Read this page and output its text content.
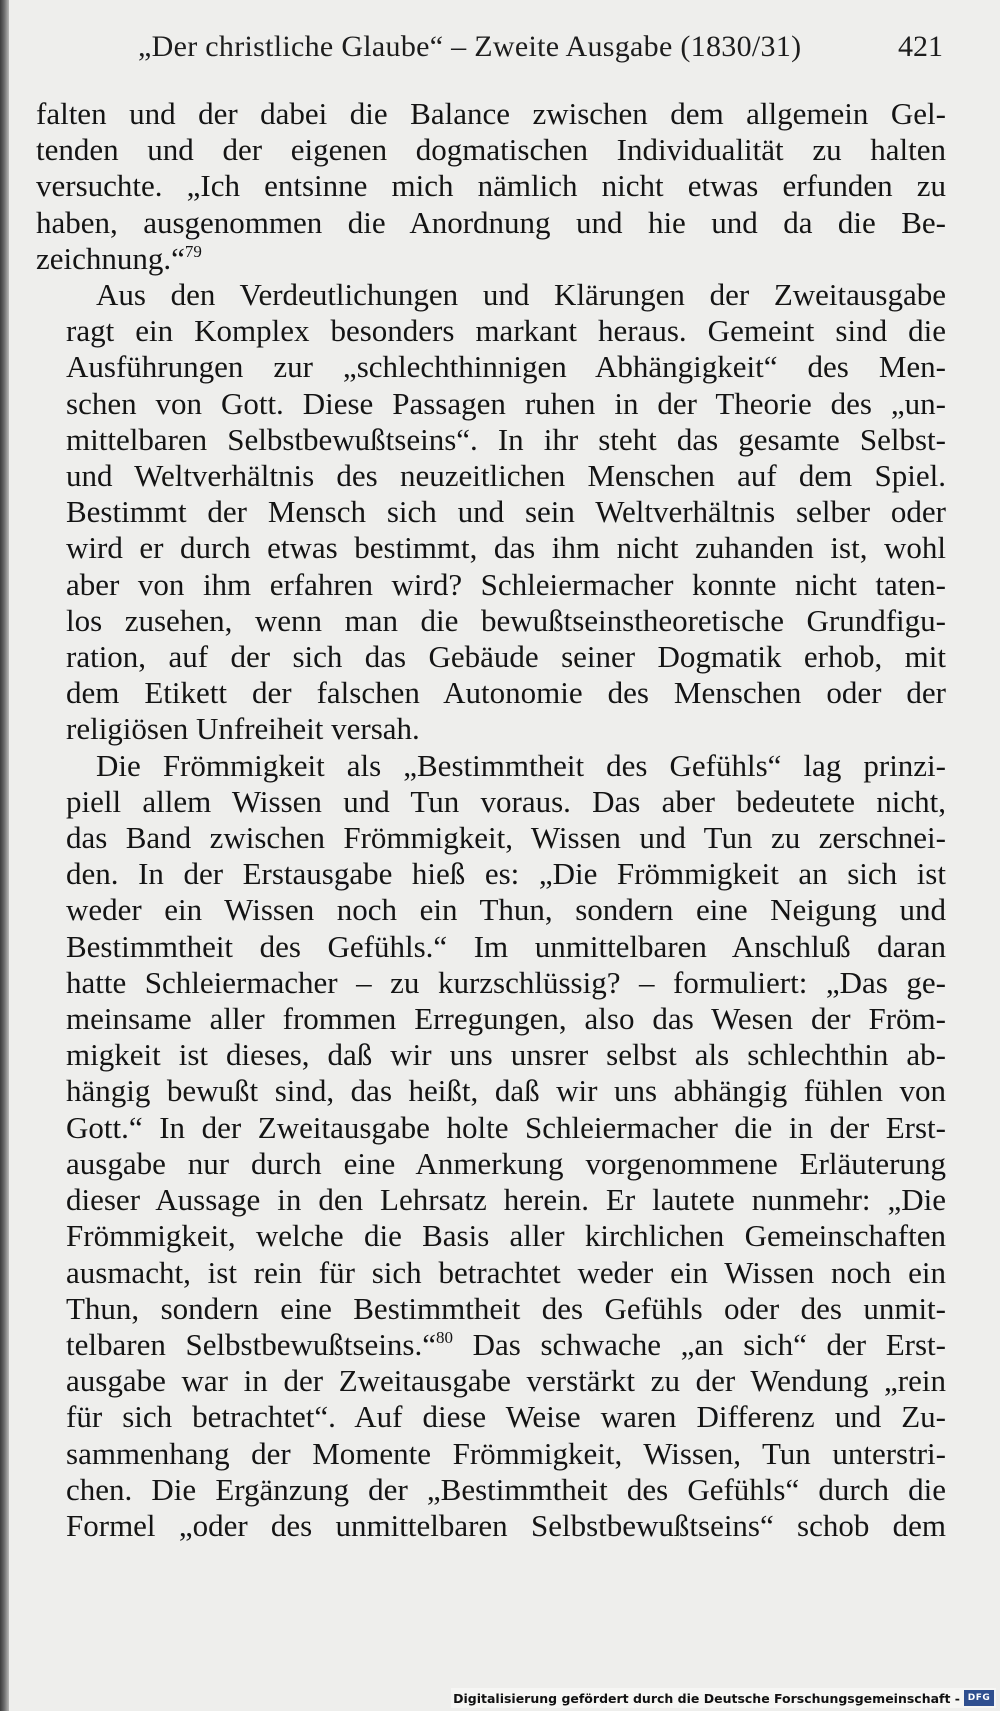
„Der christliche Glaube“ – Zweite Ausgabe (1830/31)	421
falten und der dabei die Balance zwischen dem allgemein Gel-
tenden und der eigenen dogmatischen Individualität zu halten
versuchte. „Ich entsinne mich nämlich nicht etwas erfunden zu
haben, ausgenommen die Anordnung und hie und da die Be-
zeichnung.“$^{79}$
Aus den Verdeutlichungen und Klärungen der Zweitausgabe
ragt ein Komplex besonders markant heraus. Gemeint sind die
Ausführungen zur „schlechthinnigen Abhängigkeit“ des Men-
schen von Gott. Diese Passagen ruhen in der Theorie des „un-
mittelbaren Selbstbewußtseins“. In ihr steht das gesamte Selbst-
und Weltverhältnis des neuzeitlichen Menschen auf dem Spiel.
Bestimmt der Mensch sich und sein Weltverhältnis selber oder
wird er durch etwas bestimmt, das ihm nicht zuhanden ist, wohl
aber von ihm erfahren wird? Schleiermacher konnte nicht taten-
los zusehen, wenn man die bewußtseinstheoretische Grundfigu-
ration, auf der sich das Gebäude seiner Dogmatik erhob, mit
dem Etikett der falschen Autonomie des Menschen oder der
religiösen Unfreiheit versah.
Die Frömmigkeit als „Bestimmtheit des Gefühls“ lag prinzi-
piell allem Wissen und Tun voraus. Das aber bedeutete nicht,
das Band zwischen Frömmigkeit, Wissen und Tun zu zerschnei-
den. In der Erstausgabe hieß es: „Die Frömmigkeit an sich ist
weder ein Wissen noch ein Thun, sondern eine Neigung und
Bestimmtheit des Gefühls.“ Im unmittelbaren Anschluß daran
hatte Schleiermacher – zu kurzschlüssig? – formuliert: „Das ge-
meinsame aller frommen Erregungen, also das Wesen der Fröm-
migkeit ist dieses, daß wir uns unsrer selbst als schlechthin ab-
hängig bewußt sind, das heißt, daß wir uns abhängig fühlen von
Gott.“ In der Zweitausgabe holte Schleiermacher die in der Erst-
ausgabe nur durch eine Anmerkung vorgenommene Erläuterung
dieser Aussage in den Lehrsatz herein. Er lautete nunmehr: „Die
Frömmigkeit, welche die Basis aller kirchlichen Gemeinschaften
ausmacht, ist rein für sich betrachtet weder ein Wissen noch ein
Thun, sondern eine Bestimmtheit des Gefühls oder des unmit-
telbaren Selbstbewußtseins.“$^{80}$ Das schwache „an sich“ der Erst-
ausgabe war in der Zweitausgabe verstärkt zu der Wendung „rein
für sich betrachtet“. Auf diese Weise waren Differenz und Zu-
sammenhang der Momente Frömmigkeit, Wissen, Tun unterstri-
chen. Die Ergänzung der „Bestimmtheit des Gefühls“ durch die
Formel „oder des unmittelbaren Selbstbewußtseins“ schob dem
Digitalisierung gefördert durch die Deutsche Forschungsgemeinschaft - DFG
